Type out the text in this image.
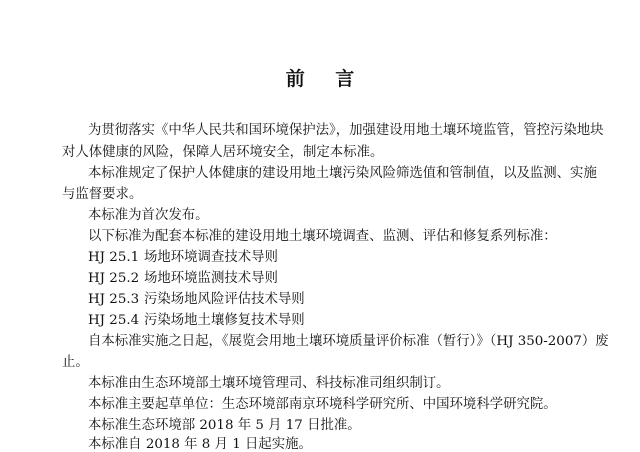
前 言
为贯彻落实《中华人民共和国环境保护法》，加强建设用地土壤环境监管，管控污染地块
对人体健康的风险，保障人居环境安全，制定本标准。
本标准规定了保护人体健康的建设用地土壤污染风险筛选值和管制值，以及监测、实施
与监督要求。
本标准为首次发布。
以下标准为配套本标准的建设用地土壤环境调查、监测、评估和修复系列标准：
HJ 25.1 场地环境调查技术导则
HJ 25.2 场地环境监测技术导则
HJ 25.3 污染场地风险评估技术导则
HJ 25.4 污染场地土壤修复技术导则
自本标准实施之日起，《展览会用地土壤环境质量评价标准（暂行）》（HJ 350-2007）废
止。
本标准由生态环境部土壤环境管理司、科技标准司组织制订。
本标准主要起草单位：生态环境部南京环境科学研究所、中国环境科学研究院。
本标准生态环境部 2018 年 5 月 17 日批准。
本标准自 2018 年 8 月 1 日起实施。
